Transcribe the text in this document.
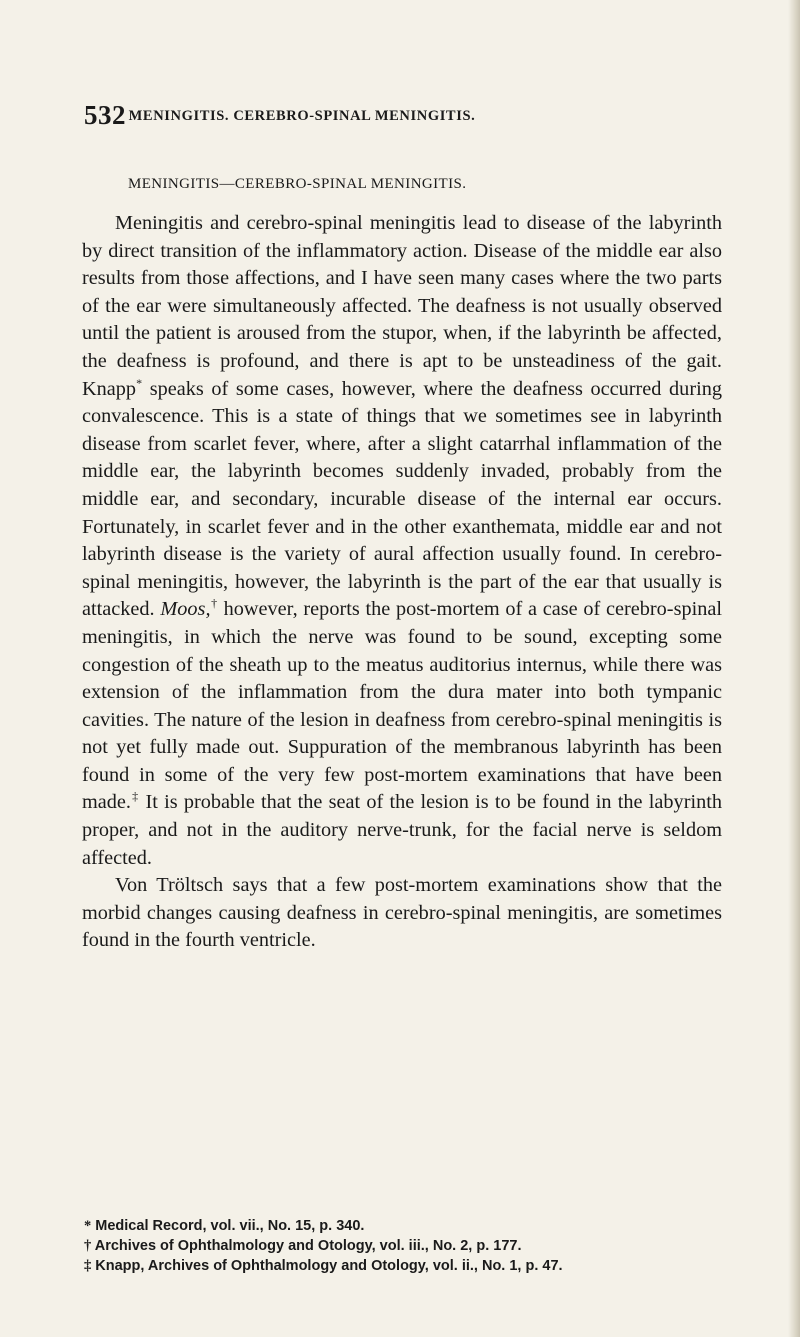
532 MENINGITIS. CEREBRO-SPINAL MENINGITIS.
MENINGITIS—CEREBRO-SPINAL MENINGITIS.

Meningitis and cerebro-spinal meningitis lead to disease of the labyrinth by direct transition of the inflammatory action. Disease of the middle ear also results from those affections, and I have seen many cases where the two parts of the ear were simultaneously affected. The deafness is not usually observed until the patient is aroused from the stupor, when, if the labyrinth be affected, the deafness is profound, and there is apt to be unsteadiness of the gait. Knapp* speaks of some cases, however, where the deafness occurred during convalescence. This is a state of things that we sometimes see in labyrinth disease from scarlet fever, where, after a slight catarrhal inflammation of the middle ear, the labyrinth becomes suddenly invaded, probably from the middle ear, and secondary, incurable disease of the internal ear occurs. Fortunately, in scarlet fever and in the other exanthemata, middle ear and not labyrinth disease is the variety of aural affection usually found. In cerebro-spinal meningitis, however, the labyrinth is the part of the ear that usually is attacked. Moos,† however, reports the post-mortem of a case of cerebro-spinal meningitis, in which the nerve was found to be sound, excepting some congestion of the sheath up to the meatus auditorius internus, while there was extension of the inflammation from the dura mater into both tympanic cavities. The nature of the lesion in deafness from cerebro-spinal meningitis is not yet fully made out. Suppuration of the membranous labyrinth has been found in some of the very few post-mortem examinations that have been made.‡ It is probable that the seat of the lesion is to be found in the labyrinth proper, and not in the auditory nerve-trunk, for the facial nerve is seldom affected.

Von Tröltsch says that a few post-mortem examinations show that the morbid changes causing deafness in cerebro-spinal meningitis, are sometimes found in the fourth ventricle.

* Medical Record, vol. vii., No. 15, p. 340.
† Archives of Ophthalmology and Otology, vol. iii., No. 2, p. 177.
‡ Knapp, Archives of Ophthalmology and Otology, vol. ii., No. 1, p. 47.
